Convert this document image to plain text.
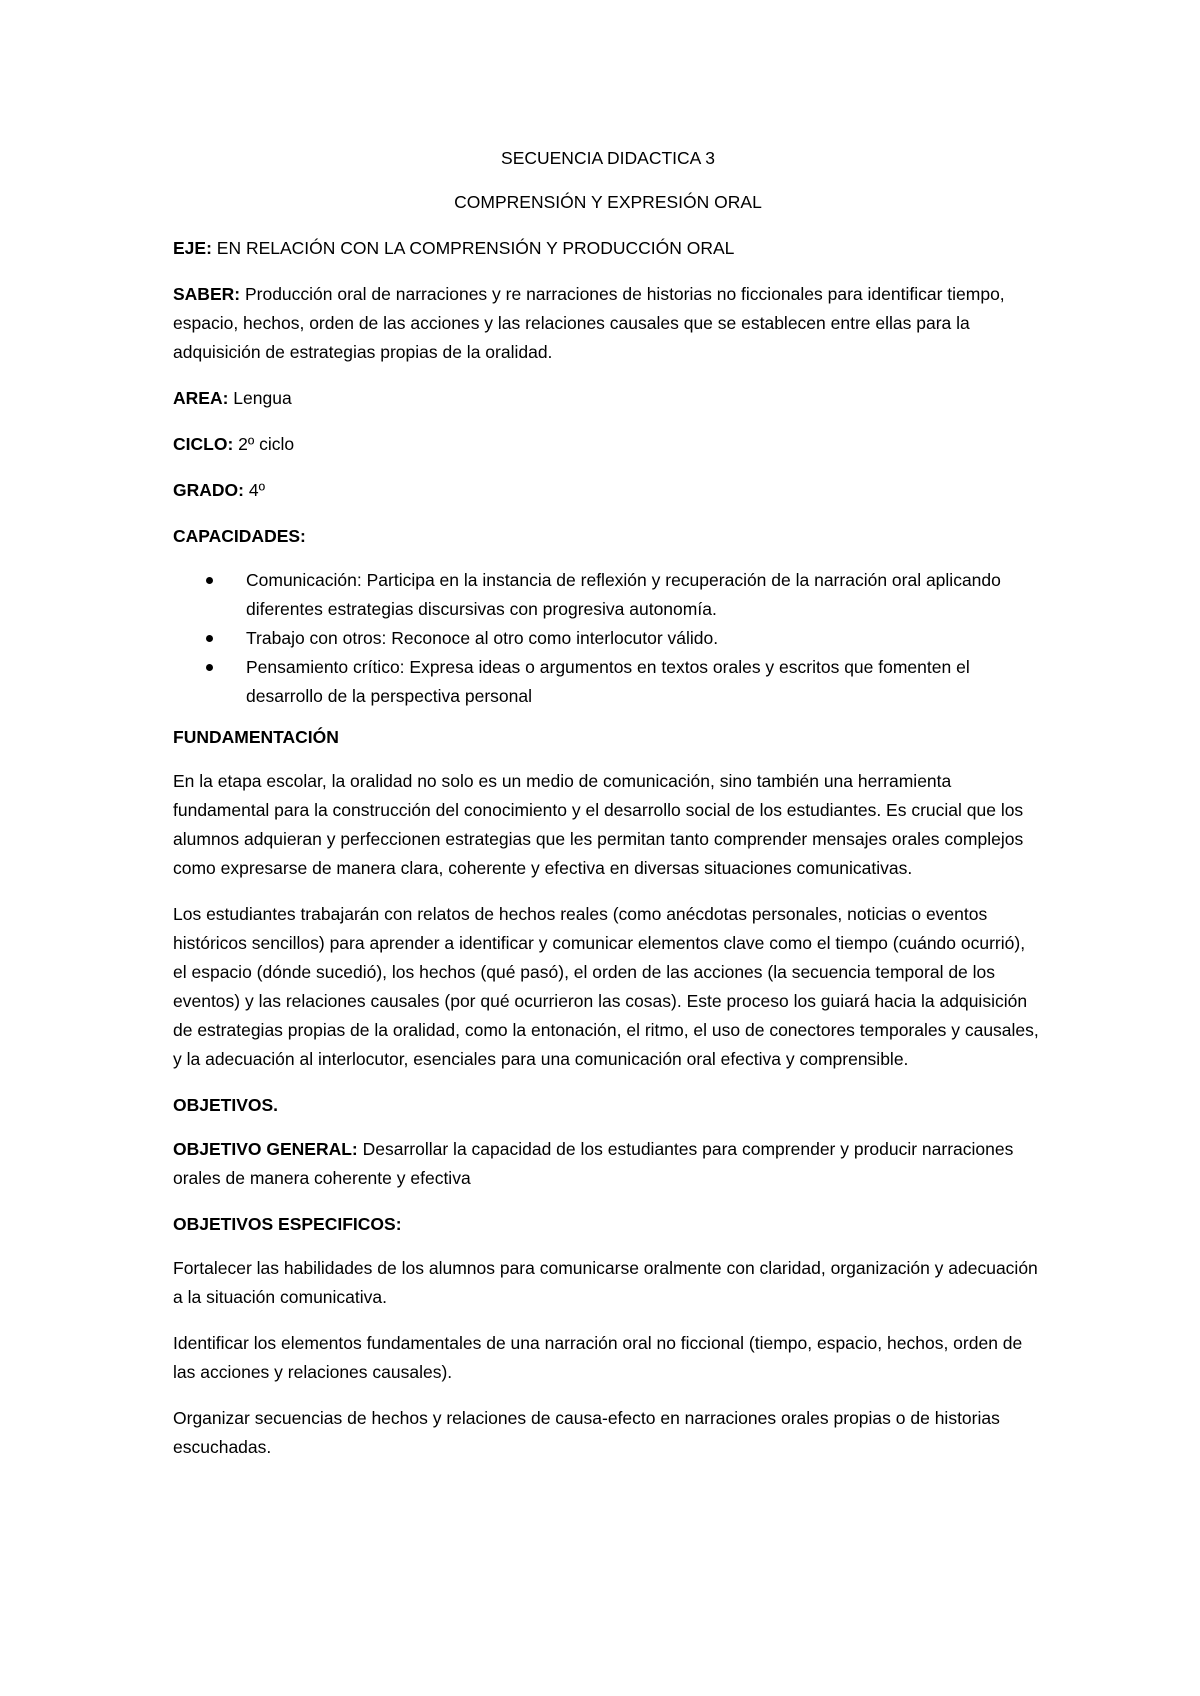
SECUENCIA DIDACTICA 3

COMPRENSIÓN Y EXPRESIÓN ORAL

EJE: EN RELACIÓN CON LA COMPRENSIÓN Y PRODUCCIÓN ORAL

SABER: Producción oral de narraciones y re narraciones de historias no ficcionales para identificar tiempo, espacio, hechos, orden de las acciones y las relaciones causales que se establecen entre ellas para la adquisición de estrategias propias de la oralidad.

AREA: Lengua

CICLO: 2º ciclo

GRADO: 4º

CAPACIDADES:

Comunicación: Participa en la instancia de reflexión y recuperación de la narración oral aplicando diferentes estrategias discursivas con progresiva autonomía.
Trabajo con otros: Reconoce al otro como interlocutor válido.
Pensamiento crítico: Expresa ideas o argumentos en textos orales y escritos que fomenten el desarrollo de la perspectiva personal

FUNDAMENTACIÓN

En la etapa escolar, la oralidad no solo es un medio de comunicación, sino también una herramienta fundamental para la construcción del conocimiento y el desarrollo social de los estudiantes. Es crucial que los alumnos adquieran y perfeccionen estrategias que les permitan tanto comprender mensajes orales complejos como expresarse de manera clara, coherente y efectiva en diversas situaciones comunicativas.

Los estudiantes trabajarán con relatos de hechos reales (como anécdotas personales, noticias o eventos históricos sencillos) para aprender a identificar y comunicar elementos clave como el tiempo (cuándo ocurrió), el espacio (dónde sucedió), los hechos (qué pasó), el orden de las acciones (la secuencia temporal de los eventos) y las relaciones causales (por qué ocurrieron las cosas). Este proceso los guiará hacia la adquisición de estrategias propias de la oralidad, como la entonación, el ritmo, el uso de conectores temporales y causales, y la adecuación al interlocutor, esenciales para una comunicación oral efectiva y comprensible.

OBJETIVOS.

OBJETIVO GENERAL: Desarrollar la capacidad de los estudiantes para comprender y producir narraciones orales de manera coherente y efectiva

OBJETIVOS ESPECIFICOS:

Fortalecer las habilidades de los alumnos para comunicarse oralmente con claridad, organización y adecuación a la situación comunicativa.

Identificar los elementos fundamentales de una narración oral no ficcional (tiempo, espacio, hechos, orden de las acciones y relaciones causales).

Organizar secuencias de hechos y relaciones de causa-efecto en narraciones orales propias o de historias escuchadas.
